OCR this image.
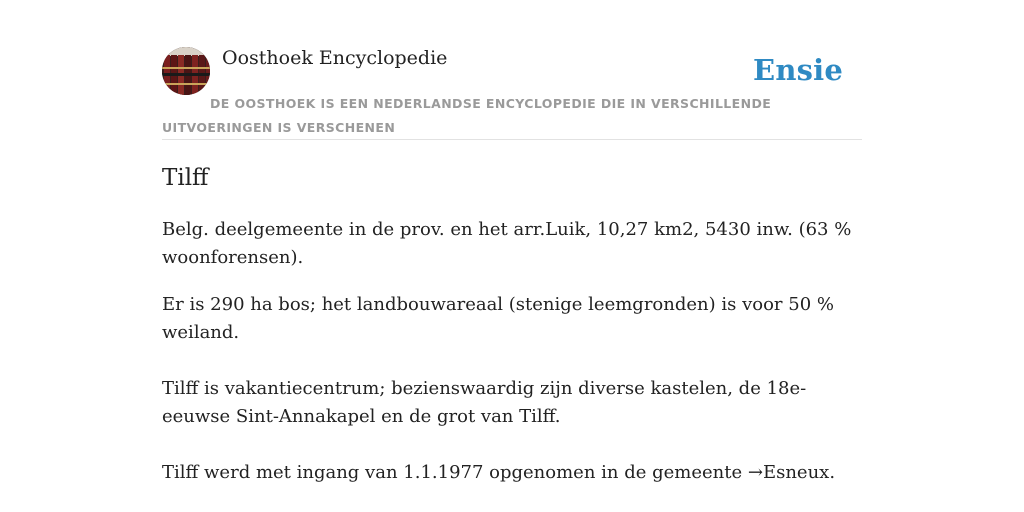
Oosthoek Encyclopedie	Ensie
DE OOSTHOEK IS EEN NEDERLANDSE ENCYCLOPEDIE DIE IN VERSCHILLENDE UITVOERINGEN IS VERSCHENEN
Tilff

Belg. deelgemeente in de prov. en het arr.Luik, 10,27 km2, 5430 inw. (63 % woonforensen).

Er is 290 ha bos; het landbouwareaal (stenige leemgronden) is voor 50 % weiland.

Tilff is vakantiecentrum; bezienswaardig zijn diverse kastelen, de 18e-eeuwse Sint-Annakapel en de grot van Tilff.

Tilff werd met ingang van 1.1.1977 opgenomen in de gemeente →Esneux.
